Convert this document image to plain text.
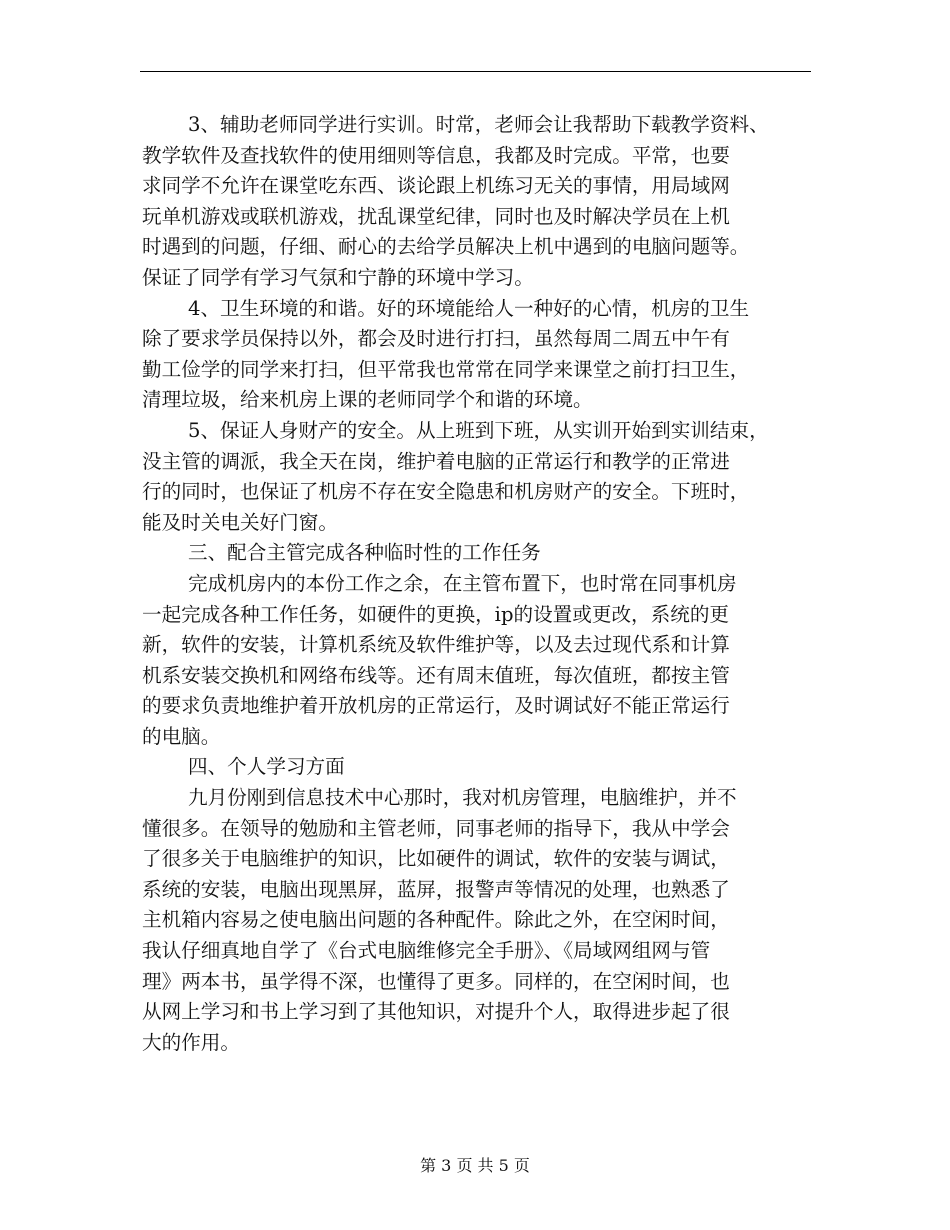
3、辅助老师同学进行实训。时常，老师会让我帮助下载教学资料、
教学软件及查找软件的使用细则等信息，我都及时完成。平常，也要
求同学不允许在课堂吃东西、谈论跟上机练习无关的事情，用局域网
玩单机游戏或联机游戏，扰乱课堂纪律，同时也及时解决学员在上机
时遇到的问题，仔细、耐心的去给学员解决上机中遇到的电脑问题等。
保证了同学有学习气氛和宁静的环境中学习。
4、卫生环境的和谐。好的环境能给人一种好的心情，机房的卫生
除了要求学员保持以外，都会及时进行打扫，虽然每周二周五中午有
勤工俭学的同学来打扫，但平常我也常常在同学来课堂之前打扫卫生，
清理垃圾，给来机房上课的老师同学个和谐的环境。
5、保证人身财产的安全。从上班到下班，从实训开始到实训结束，
没主管的调派，我全天在岗，维护着电脑的正常运行和教学的正常进
行的同时，也保证了机房不存在安全隐患和机房财产的安全。下班时，
能及时关电关好门窗。
三、配合主管完成各种临时性的工作任务
完成机房内的本份工作之余，在主管布置下，也时常在同事机房
一起完成各种工作任务，如硬件的更换，ip的设置或更改，系统的更
新，软件的安装，计算机系统及软件维护等，以及去过现代系和计算
机系安装交换机和网络布线等。还有周末值班，每次值班，都按主管
的要求负责地维护着开放机房的正常运行，及时调试好不能正常运行
的电脑。
四、个人学习方面
九月份刚到信息技术中心那时，我对机房管理，电脑维护，并不
懂很多。在领导的勉励和主管老师，同事老师的指导下，我从中学会
了很多关于电脑维护的知识，比如硬件的调试，软件的安装与调试，
系统的安装，电脑出现黑屏，蓝屏，报警声等情况的处理，也熟悉了
主机箱内容易之使电脑出问题的各种配件。除此之外，在空闲时间，
我认仔细真地自学了《台式电脑维修完全手册》、《局域网组网与管
理》两本书，虽学得不深，也懂得了更多。同样的，在空闲时间，也
从网上学习和书上学习到了其他知识，对提升个人，取得进步起了很
大的作用。
第 3 页 共 5 页
